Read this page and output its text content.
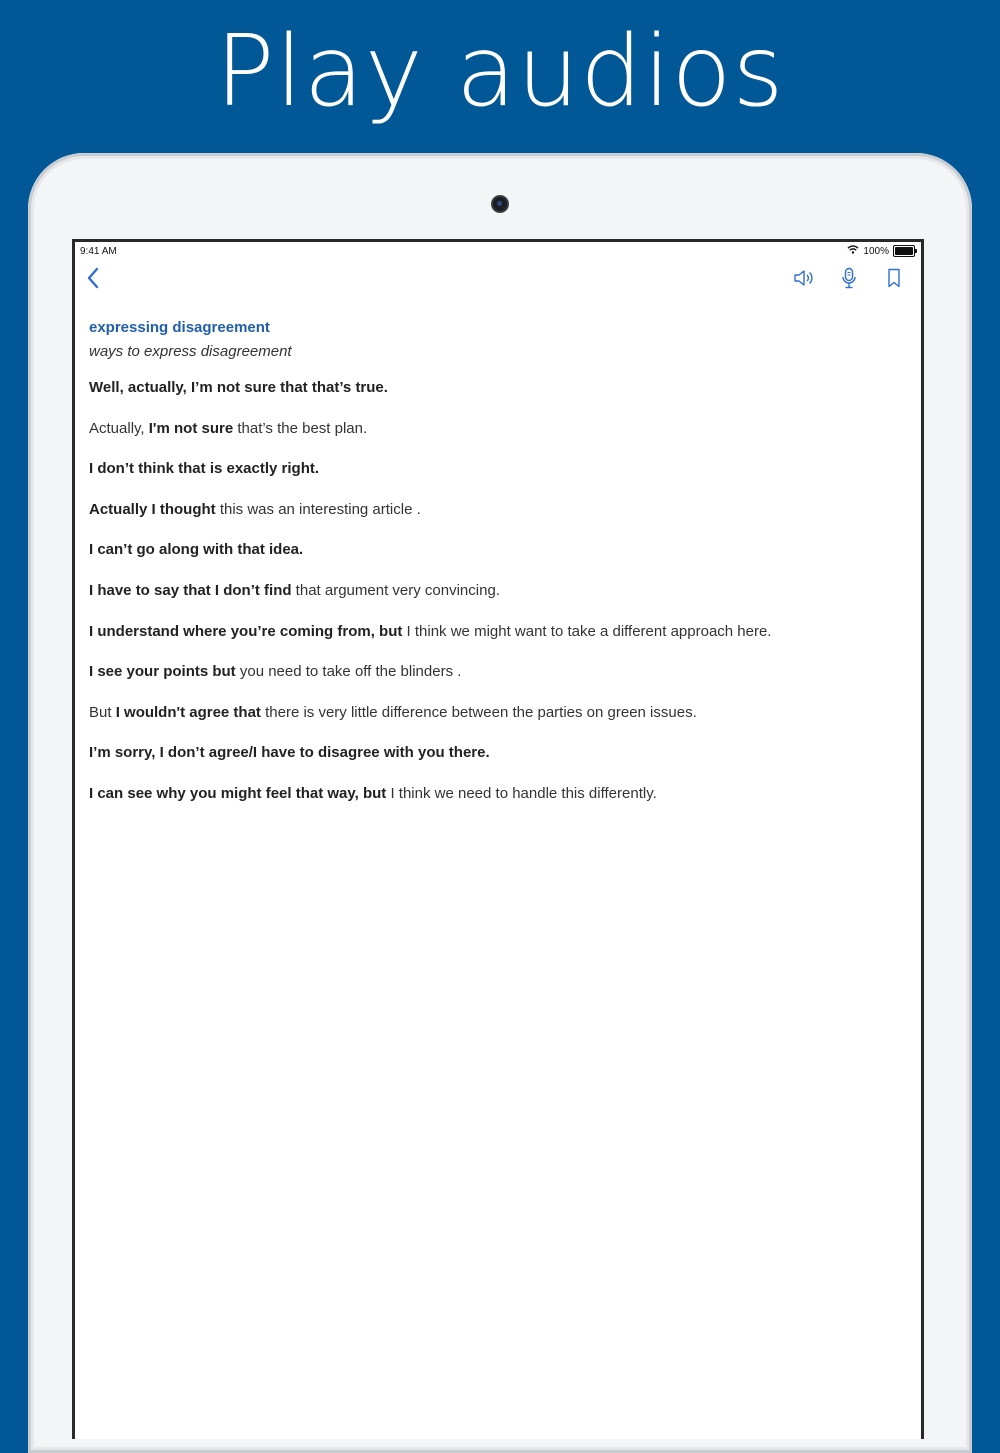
Play audios
9:41 AM	100%

expressing disagreement

ways to express disagreement

Well, actually, I’m not sure that that’s true.
Actually, I'm not sure that’s the best plan.
I don’t think that is exactly right.
Actually I thought this was an interesting article .
I can’t go along with that idea.
I have to say that I don’t find that argument very convincing.
I understand where you’re coming from, but I think we might want to take a different approach here.
I see your points but you need to take off the blinders .
But I wouldn't agree that there is very little difference between the parties on green issues.
I’m sorry, I don’t agree/I have to disagree with you there.
I can see why you might feel that way, but I think we need to handle this differently.
